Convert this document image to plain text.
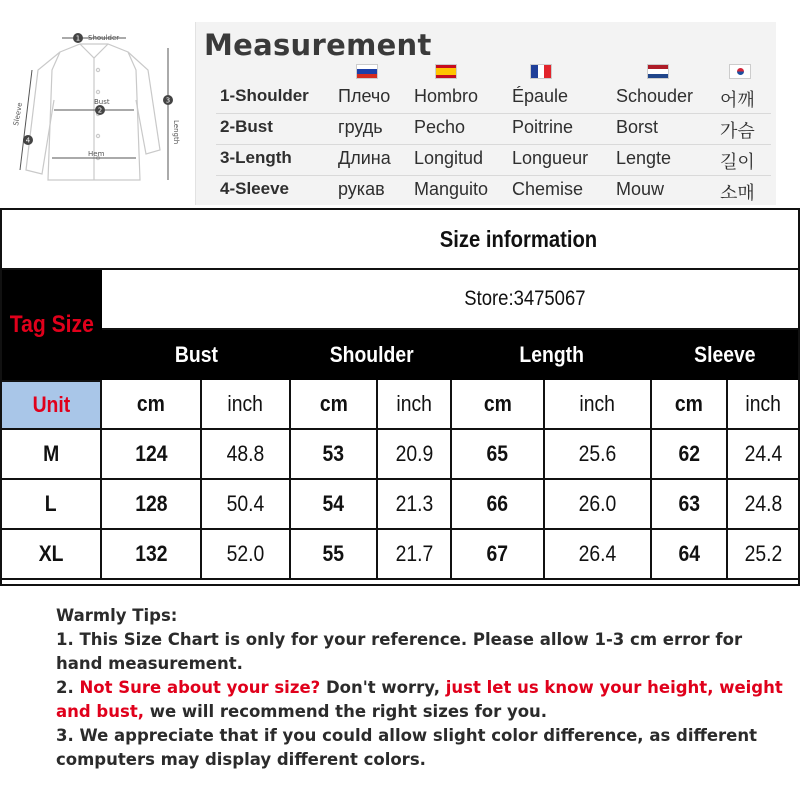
1
2
3
4
Shoulder
Bust
Hem
Length
Sleeve
Measurement
1-Shoulder Плечо Hombro Épaule	Schouder 어깨
2-Bust	грудь Pecho	Poitrine Borst	가슴
3-Length	Длина Longitud Longueur Lengte	길이
4-Sleeve	рукав Manguito Chemise Mouw	소매
Size information
Tag Size
Store:3475067
Bust	Shoulder	Length	Sleeve
Unit	cm	inch	cm inch cm	inch	cm inch
M	124	48.8	53 20.9 65	25.6	62 24.4
L	128	50.4	54 21.3 66	26.0	63 24.8
XL	132	52.0	55 21.7 67	26.4	64 25.2

Warmly Tips:

1. This Size Chart is only for your reference. Please allow 1-3 cm error for hand measurement.

2. Not Sure about your size? Don't worry, just let us know your height, weight and bust, we will recommend the right sizes for you.

3. We appreciate that if you could allow slight color difference, as different computers may display different colors.
